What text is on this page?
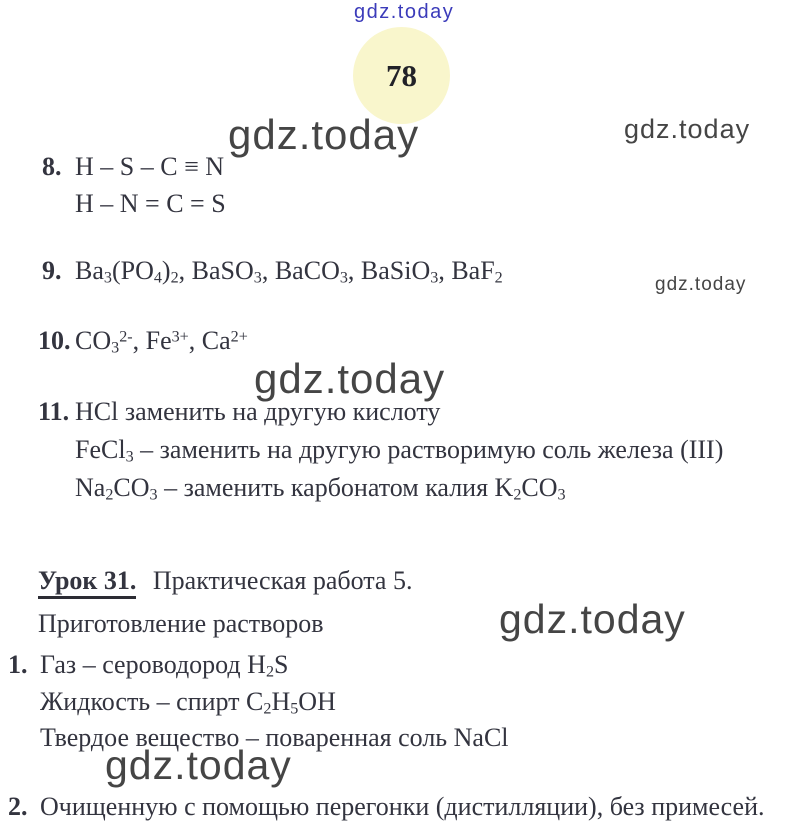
gdz.today
78
gdz.today	gdz.today
8. H – S – C ≡ N
H – N = C = S
9. $Ba_3(PO_4)_2$, BaSO$_3$, BaCO$_3$, BaSiO$_3$, BaF$_2$	gdz.today
10. $CO_3^{2-}$, $Fe^{3+}$, $Ca^{2+}$
gdz.today
11. HCl заменить на другую кислоту
FeCl$_3$ – заменить на другую растворимую соль железа (III)
$Na_2CO_3$ – заменить карбонатом калия $K_2CO_3$
Урок 31. Практическая работа 5.
Приготовление растворов	gdz.today
1. Газ – сероводород $H_2S$
Жидкость – спирт $C_2H_5OH$
Твердое вещество – поваренная соль NaCl
gdz.today
2. Очищенную с помощью перегонки (дистилляции), без примесей.
